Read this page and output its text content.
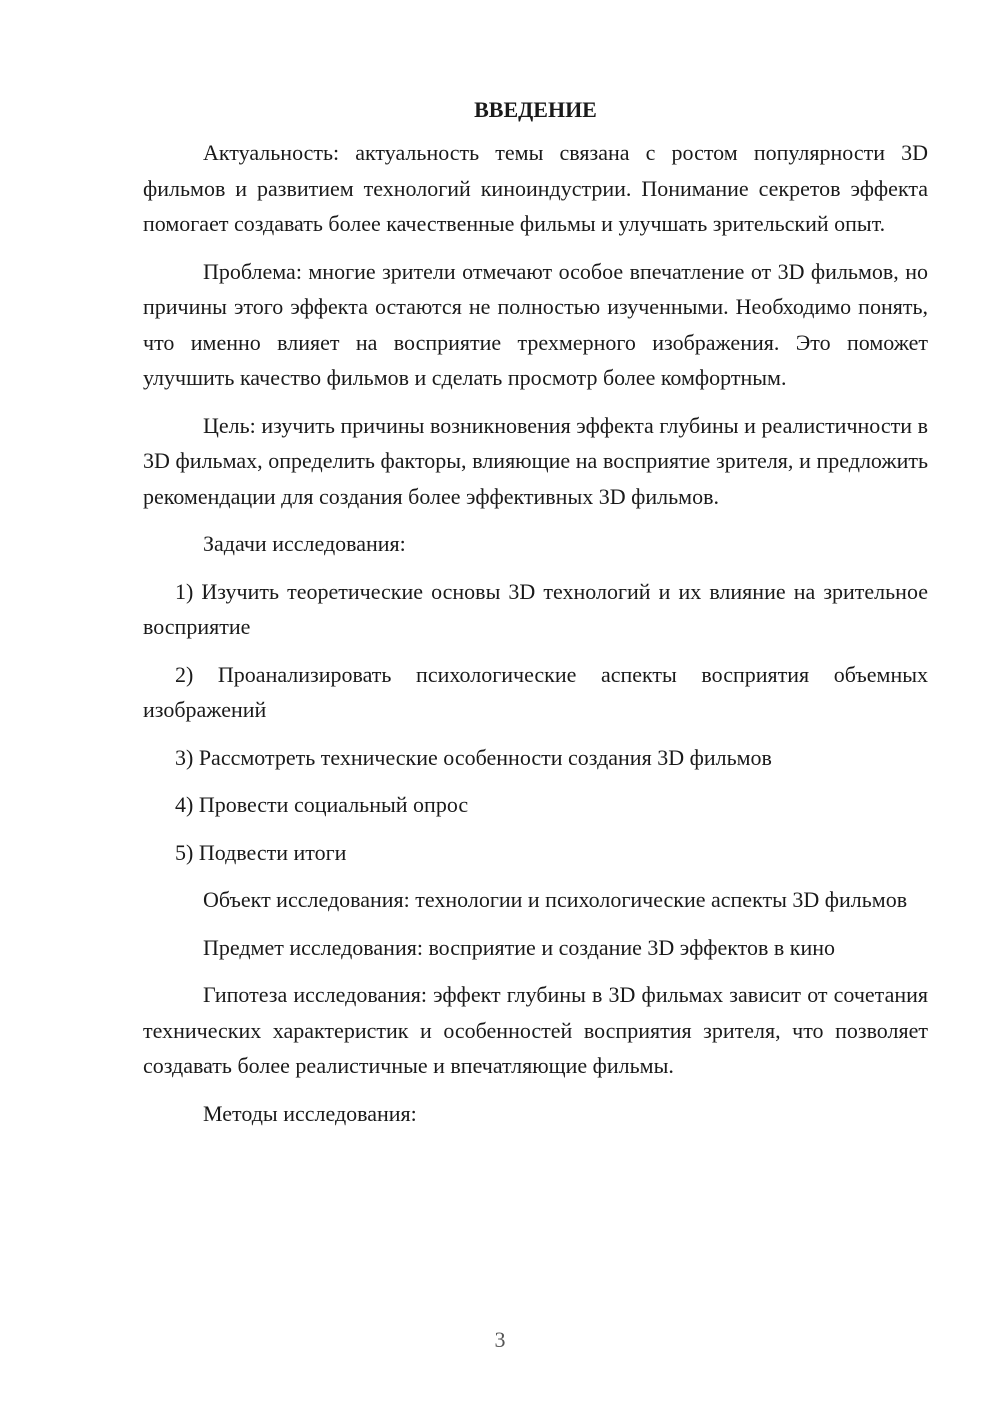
ВВЕДЕНИЕ

Актуальность: актуальность темы связана с ростом популярности 3D фильмов и развитием технологий киноиндустрии. Понимание секретов эффекта помогает создавать более качественные фильмы и улучшать зрительский опыт.

Проблема: многие зрители отмечают особое впечатление от 3D фильмов, но причины этого эффекта остаются не полностью изученными. Необходимо понять, что именно влияет на восприятие трехмерного изображения. Это поможет улучшить качество фильмов и сделать просмотр более комфортным.

Цель: изучить причины возникновения эффекта глубины и реалистичности в 3D фильмах, определить факторы, влияющие на восприятие зрителя, и предложить рекомендации для создания более эффективных 3D фильмов.

Задачи исследования:

1) Изучить теоретические основы 3D технологий и их влияние на зрительное восприятие

2) Проанализировать психологические аспекты восприятия объемных изображений

3) Рассмотреть технические особенности создания 3D фильмов

4) Провести социальный опрос

5) Подвести итоги

Объект исследования: технологии и психологические аспекты 3D фильмов

Предмет исследования: восприятие и создание 3D эффектов в кино

Гипотеза исследования: эффект глубины в 3D фильмах зависит от сочетания технических характеристик и особенностей восприятия зрителя, что позволяет создавать более реалистичные и впечатляющие фильмы.

Методы исследования:

3
